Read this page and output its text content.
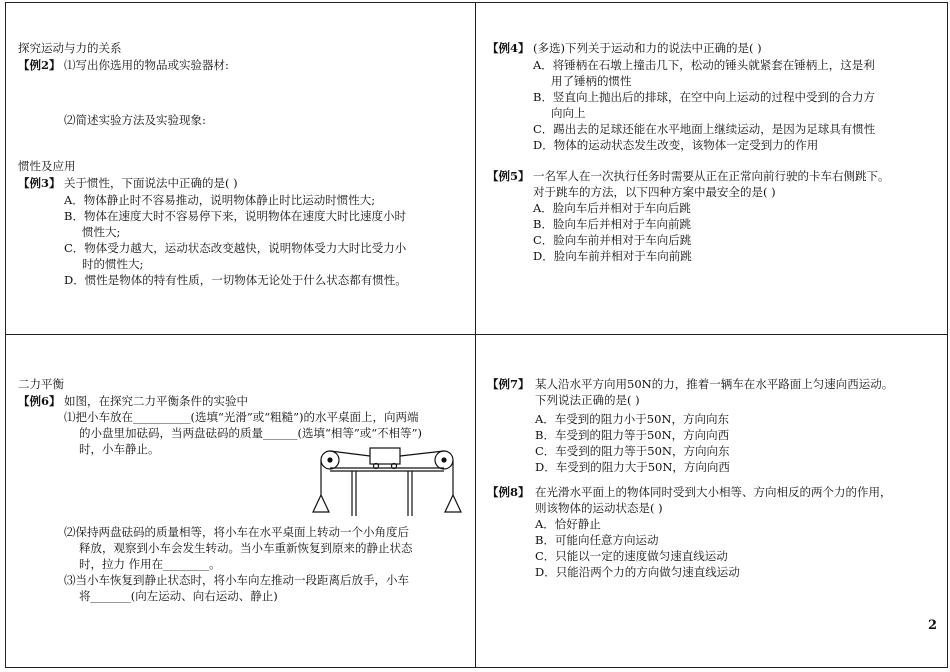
探究运动与力的关系
【例2】 ⑴写出你选用的物品或实验器材:
⑵简述实验方法及实验现象:
惯性及应用
【例3】 关于惯性，下面说法中正确的是( )
A．物体静止时不容易推动，说明物体静止时比运动时惯性大;
B．物体在速度大时不容易停下来，说明物体在速度大时比速度小时
惯性大;
C．物体受力越大，运动状态改变越快，说明物体受力大时比受力小
时的惯性大;
D．惯性是物体的特有性质，一切物体无论处于什么状态都有惯性。
【例4】 (多选)下列关于运动和力的说法中正确的是( )
A．将锤柄在石墩上撞击几下，松动的锤头就紧套在锤柄上，这是利
用了锤柄的惯性
B．竖直向上抛出后的排球，在空中向上运动的过程中受到的合力方
向向上
C．踢出去的足球还能在水平地面上继续运动，是因为足球具有惯性
D．物体的运动状态发生改变，该物体一定受到力的作用
【例5】 一名军人在一次执行任务时需要从正在正常向前行驶的卡车右侧跳下。
对于跳车的方法，以下四种方案中最安全的是( )
A．脸向车后并相对于车向后跳
B．脸向车后并相对于车向前跳
C．脸向车前并相对于车向后跳
D．脸向车前并相对于车向前跳
二力平衡
【例6】 如图，在探究二力平衡条件的实验中
⑴把小车放在__________(选填“光滑”或“粗糙”)的水平桌面上，向两端
的小盘里加砝码，当两盘砝码的质量______(选填“相等”或“不相等”)
时，小车静止。
⑵保持两盘砝码的质量相等，将小车在水平桌面上转动一个小角度后
释放，观察到小车会发生转动。当小车重新恢复到原来的静止状态
时，拉力 作用在________。
⑶当小车恢复到静止状态时，将小车向左推动一段距离后放手，小车
将_______(向左运动、向右运动、静止)
【例7】 某人沿水平方向用50N的力，推着一辆车在水平路面上匀速向西运动。
下列说法正确的是( )
A．车受到的阻力小于50N，方向向东
B．车受到的阻力等于50N，方向向西
C．车受到的阻力等于50N，方向向东
D．车受到的阻力大于50N，方向向西
【例8】 在光滑水平面上的物体同时受到大小相等、方向相反的两个力的作用，
则该物体的运动状态是( )
A．恰好静止
B．可能向任意方向运动
C．只能以一定的速度做匀速直线运动
D．只能沿两个力的方向做匀速直线运动
2
